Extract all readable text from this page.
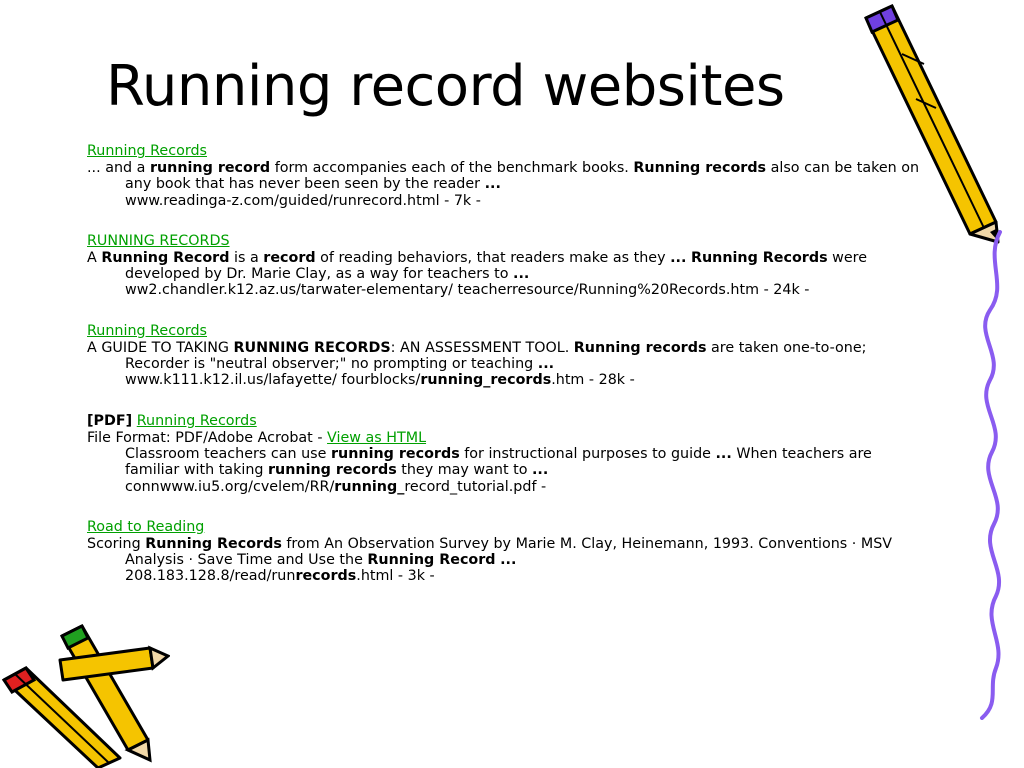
Running record websites
Running Records
... and a running record form accompanies each of the benchmark books. Running records also can be taken on any book that has never been seen by the reader ...
www.readinga-z.com/guided/runrecord.html - 7k -
RUNNING RECORDS
A Running Record is a record of reading behaviors, that readers make as they ... Running Records were developed by Dr. Marie Clay, as a way for teachers to ...
ww2.chandler.k12.az.us/tarwater-elementary/ teacherresource/Running%20Records.htm - 24k -
Running Records
A GUIDE TO TAKING RUNNING RECORDS: AN ASSESSMENT TOOL. Running records are taken one-to-one; Recorder is "neutral observer;" no prompting or teaching ...
www.k111.k12.il.us/lafayette/ fourblocks/running_records.htm - 28k -
[PDF] Running Records
File Format: PDF/Adobe Acrobat - View as HTML
Classroom teachers can use running records for instructional purposes to guide ... When teachers are familiar with taking running records they may want to ...
connwww.iu5.org/cvelem/RR/running_record_tutorial.pdf -
Road to Reading
Scoring Running Records from An Observation Survey by Marie M. Clay, Heinemann, 1993. Conventions · MSV Analysis · Save Time and Use the Running Record ...
208.183.128.8/read/runrecords.html - 3k -
